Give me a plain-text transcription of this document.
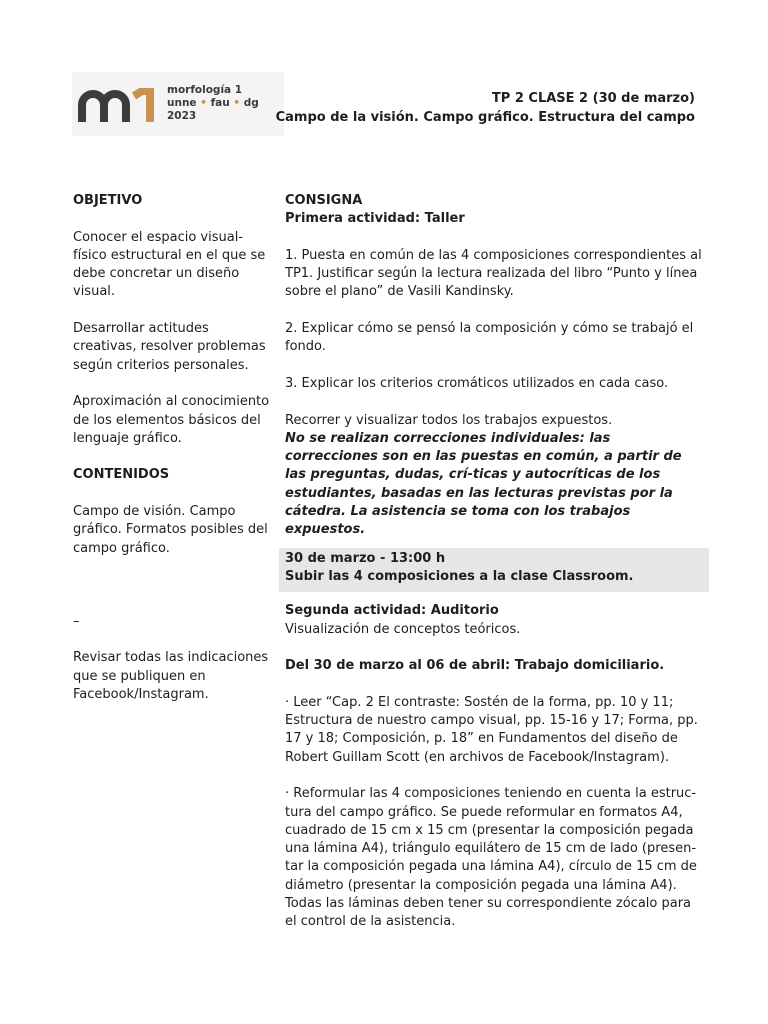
morfología 1
unne • fau • dg
2023
TP 2 CLASE 2 (30 de marzo)
Campo de la visión. Campo gráfico. Estructura del campo

OBJETIVO

Conocer el espacio visual-físico estructural en el que se debe concretar un diseño visual.

Desarrollar actitudes creativas, resolver problemas según criterios personales.

Aproximación al conocimiento de los elementos básicos del lenguaje gráfico.

CONTENIDOS

Campo de visión. Campo gráfico. Formatos posibles del campo gráfico.

–

Revisar todas las indicaciones que se publiquen en Facebook/Instagram.

CONSIGNA

Primera actividad: Taller

1. Puesta en común de las 4 composiciones correspondientes al TP1. Justificar según la lectura realizada del libro “Punto y línea sobre el plano” de Vasili Kandinsky.

2. Explicar cómo se pensó la composición y cómo se trabajó el fondo.

3. Explicar los criterios cromáticos utilizados en cada caso.

Recorrer y visualizar todos los trabajos expuestos.

No se realizan correcciones individuales: las correcciones son en las puestas en común, a partir de las preguntas, dudas, crí-ticas y autocríticas de los estudiantes, basadas en las lecturas previstas por la cátedra. La asistencia se toma con los trabajos expuestos.

30 de marzo - 13:00 h

Subir las 4 composiciones a la clase Classroom.

Segunda actividad: Auditorio

Visualización de conceptos teóricos.

Del 30 de marzo al 06 de abril: Trabajo domiciliario.

· Leer “Cap. 2 El contraste: Sostén de la forma, pp. 10 y 11; Estructura de nuestro campo visual, pp. 15-16 y 17; Forma, pp. 17 y 18; Composición, p. 18” en Fundamentos del diseño de Robert Guillam Scott (en archivos de Facebook/Instagram).

· Reformular las 4 composiciones teniendo en cuenta la estruc-tura del campo gráfico. Se puede reformular en formatos A4, cuadrado de 15 cm x 15 cm (presentar la composición pegada una lámina A4), triángulo equilátero de 15 cm de lado (presen-tar la composición pegada una lámina A4), círculo de 15 cm de diámetro (presentar la composición pegada una lámina A4). Todas las láminas deben tener su correspondiente zócalo para el control de la asistencia.
